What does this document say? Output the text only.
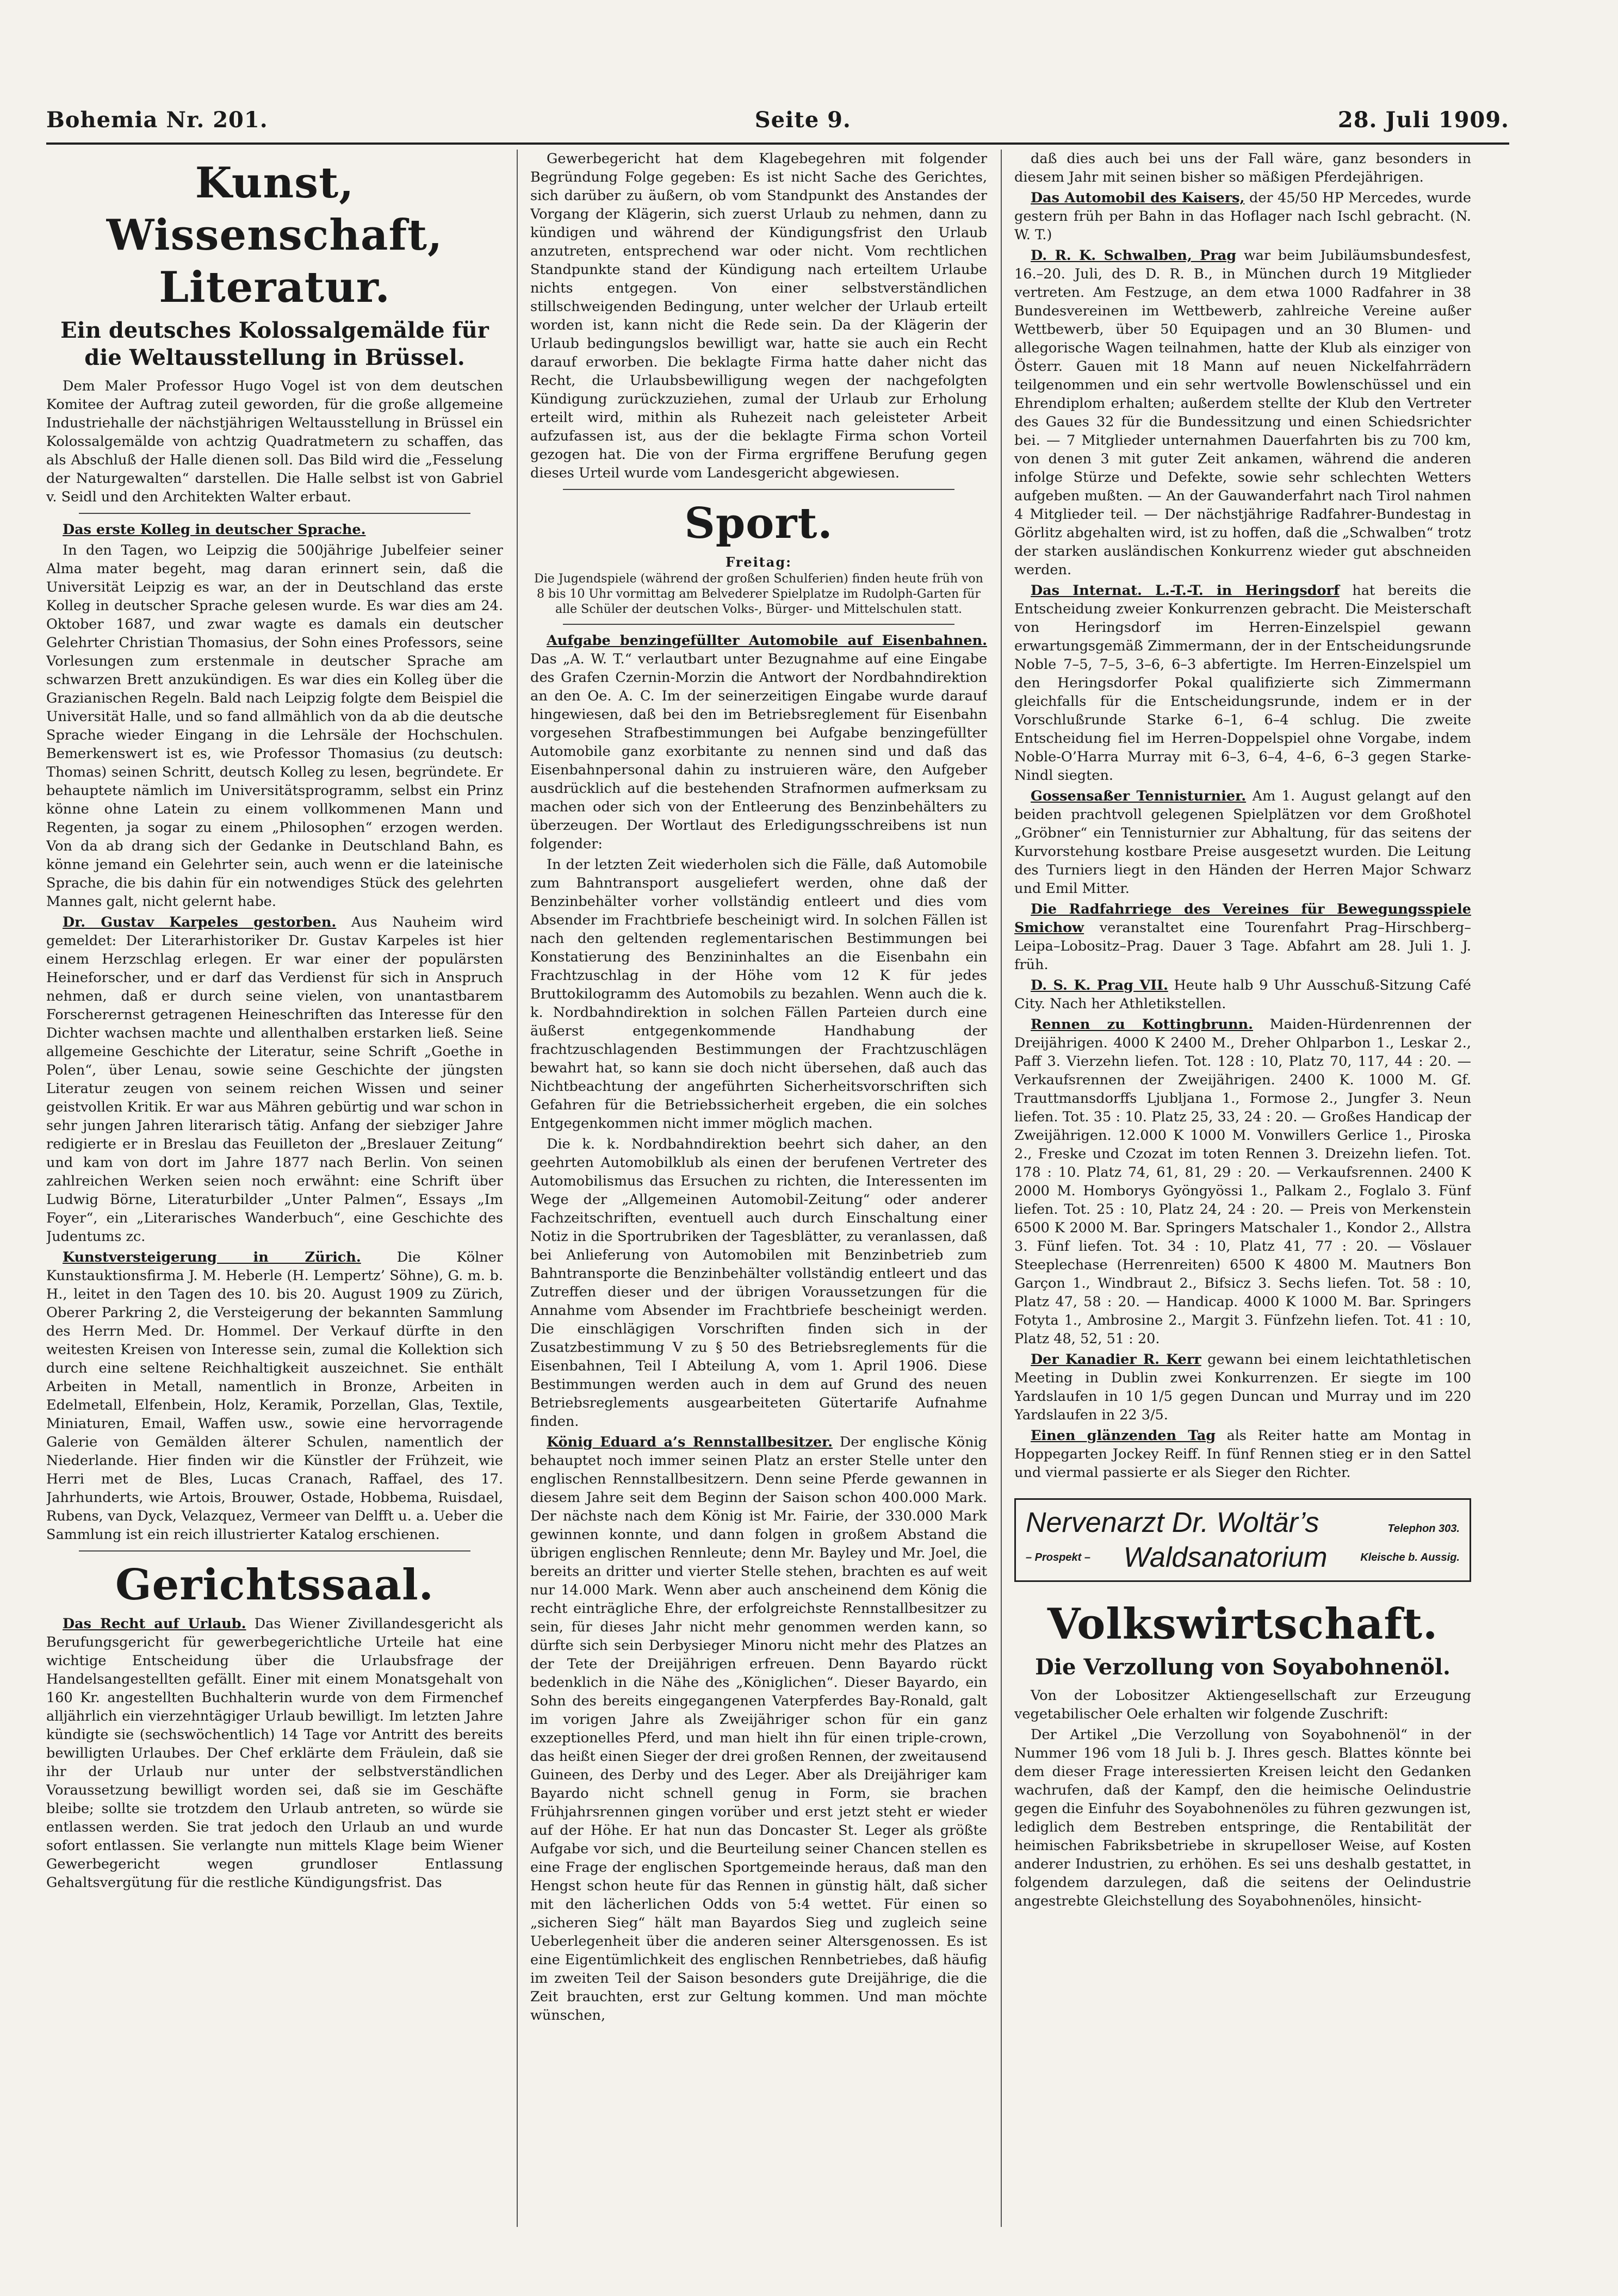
Bohemia Nr. 201.	Seite 9.	28. Juli 1909.
Kunst, Wissenschaft, Literatur.
Ein deutsches Kolossalgemälde für die Weltausstellung in Brüssel.

Dem Maler Professor Hugo Vogel ist von dem deutschen Komitee der Auftrag zuteil geworden, für die große allgemeine Industriehalle der nächstjährigen Weltausstellung in Brüssel ein Kolossalgemälde von achtzig Quadratmetern zu schaffen, das als Abschluß der Halle dienen soll. Das Bild wird die „Fesselung der Naturgewalten“ darstellen. Die Halle selbst ist von Gabriel v. Seidl und den Architekten Walter erbaut.

Das erste Kolleg in deutscher Sprache.

In den Tagen, wo Leipzig die 500jährige Jubelfeier seiner Alma mater begeht, mag daran erinnert sein, daß die Universität Leipzig es war, an der in Deutschland das erste Kolleg in deutscher Sprache gelesen wurde. Es war dies am 24. Oktober 1687, und zwar wagte es damals ein deutscher Gelehrter Christian Thomasius, der Sohn eines Professors, seine Vorlesungen zum erstenmale in deutscher Sprache am schwarzen Brett anzukündigen. Es war dies ein Kolleg über die Grazianischen Regeln. Bald nach Leipzig folgte dem Beispiel die Universität Halle, und so fand allmählich von da ab die deutsche Sprache wieder Eingang in die Lehrsäle der Hochschulen. Bemerkenswert ist es, wie Professor Thomasius (zu deutsch: Thomas) seinen Schritt, deutsch Kolleg zu lesen, begründete. Er behauptete nämlich im Universitätsprogramm, selbst ein Prinz könne ohne Latein zu einem vollkommenen Mann und Regenten, ja sogar zu einem „Philosophen“ erzogen werden. Von da ab drang sich der Gedanke in Deutschland Bahn, es könne jemand ein Gelehrter sein, auch wenn er die lateinische Sprache, die bis dahin für ein notwendiges Stück des gelehrten Mannes galt, nicht gelernt habe.

Dr. Gustav Karpeles gestorben. Aus Nauheim wird gemeldet: Der Literarhistoriker Dr. Gustav Karpeles ist hier einem Herzschlag erlegen. Er war einer der populärsten Heineforscher, und er darf das Verdienst für sich in Anspruch nehmen, daß er durch seine vielen, von unantastbarem Forscherernst getragenen Heineschriften das Interesse für den Dichter wachsen machte und allenthalben erstarken ließ. Seine allgemeine Geschichte der Literatur, seine Schrift „Goethe in Polen“, über Lenau, sowie seine Geschichte der jüngsten Literatur zeugen von seinem reichen Wissen und seiner geistvollen Kritik. Er war aus Mähren gebürtig und war schon in sehr jungen Jahren literarisch tätig. Anfang der siebziger Jahre redigierte er in Breslau das Feuilleton der „Breslauer Zeitung“ und kam von dort im Jahre 1877 nach Berlin. Von seinen zahlreichen Werken seien noch erwähnt: eine Schrift über Ludwig Börne, Literaturbilder „Unter Palmen“, Essays „Im Foyer“, ein „Literarisches Wanderbuch“, eine Geschichte des Judentums zc.

Kunstversteigerung in Zürich.	Die Kölner Kunstauktionsfirma J. M. Heberle (H. Lempertz’ Söhne), G. m. b. H., leitet in den Tagen des 10. bis 20. August 1909 zu Zürich, Oberer Parkring 2, die Versteigerung der bekannten Sammlung des Herrn Med. Dr. Hommel. Der Verkauf dürfte in den weitesten Kreisen von Interesse sein, zumal die Kollektion sich durch eine seltene Reichhaltigkeit auszeichnet. Sie enthält Arbeiten in Metall, namentlich in Bronze, Arbeiten in Edelmetall, Elfenbein, Holz, Keramik, Porzellan, Glas, Textile, Miniaturen, Email, Waffen usw., sowie eine hervorragende Galerie von Gemälden älterer Schulen, namentlich der Niederlande. Hier finden wir die Künstler der Frühzeit, wie Herri met de Bles, Lucas Cranach, Raffael, des 17. Jahrhunderts, wie Artois, Brouwer, Ostade, Hobbema, Ruisdael, Rubens, van Dyck, Velazquez, Vermeer van Delfft u. a. Ueber die Sammlung ist ein reich illustrierter Katalog erschienen.

Gerichtssaal.

Das Recht auf Urlaub. Das Wiener Zivillandesgericht als Berufungsgericht für gewerbegerichtliche Urteile hat eine wichtige Entscheidung über die Urlaubsfrage der Handelsangestellten gefällt. Einer mit einem Monatsgehalt von 160 Kr. angestellten Buchhalterin wurde von dem Firmenchef alljährlich ein vierzehntägiger Urlaub bewilligt. Im letzten Jahre kündigte sie (sechswöchentlich) 14 Tage vor Antritt des bereits bewilligten Urlaubes. Der Chef erklärte dem Fräulein, daß sie ihr der Urlaub nur unter der selbstverständlichen Voraussetzung bewilligt worden sei, daß sie im Geschäfte bleibe; sollte sie trotzdem den Urlaub antreten, so würde sie entlassen werden. Sie trat jedoch den Urlaub an und wurde sofort entlassen. Sie verlangte nun mittels Klage beim Wiener Gewerbegericht wegen grundloser Entlassung Gehaltsvergütung für die restliche Kündigungsfrist. Das

Gewerbegericht hat dem Klagebegehren mit folgender Begründung Folge gegeben: Es ist nicht Sache des Gerichtes, sich darüber zu äußern, ob vom Standpunkt des Anstandes der Vorgang der Klägerin, sich zuerst Urlaub zu nehmen, dann zu kündigen und während der Kündigungsfrist den Urlaub anzutreten, entsprechend war oder nicht. Vom rechtlichen Standpunkte stand der Kündigung nach erteiltem Urlaube nichts entgegen. Von einer selbstverständlichen stillschweigenden Bedingung, unter welcher der Urlaub erteilt worden ist, kann nicht die Rede sein. Da der Klägerin der Urlaub bedingungslos bewilligt war, hatte sie auch ein Recht darauf erworben. Die beklagte Firma hatte daher nicht das Recht, die Urlaubsbewilligung wegen der nachgefolgten Kündigung zurückzuziehen, zumal der Urlaub zur Erholung erteilt wird, mithin als Ruhezeit nach geleisteter Arbeit aufzufassen ist, aus der die beklagte Firma schon Vorteil gezogen hat. Die von der Firma ergriffene Berufung gegen dieses Urteil wurde vom Landesgericht abgewiesen.

Sport.
Freitag:
Die Jugendspiele (während der großen Schulferien) finden heute früh von 8 bis 10 Uhr vormittag am Belvederer Spielplatze im Rudolph-Garten für alle Schüler der deutschen Volks-, Bürger- und Mittelschulen statt.

Aufgabe benzingefüllter Automobile auf Eisenbahnen. Das „A. W. T.“ verlautbart unter Bezugnahme auf eine Eingabe des Grafen Czernin-Morzin die Antwort der Nordbahndirektion an den Oe. A. C. Im der seinerzeitigen Eingabe wurde darauf hingewiesen, daß bei den im Betriebsreglement für Eisenbahn vorgesehen Strafbestimmungen bei Aufgabe benzingefüllter Automobile ganz exorbitante zu nennen sind und daß das Eisenbahnpersonal dahin zu instruieren wäre, den Aufgeber ausdrücklich auf die bestehenden Strafnormen aufmerksam zu machen oder sich von der Entleerung des Benzinbehälters zu überzeugen. Der Wortlaut des Erledigungsschreibens ist nun folgender:

In der letzten Zeit wiederholen sich die Fälle, daß Automobile zum Bahntransport ausgeliefert werden, ohne daß der Benzinbehälter vorher vollständig entleert und dies vom Absender im Frachtbriefe bescheinigt wird. In solchen Fällen ist nach den geltenden reglementarischen Bestimmungen bei Konstatierung des Benzininhaltes an die Eisenbahn ein Frachtzuschlag in der Höhe vom 12 K für jedes Bruttokilogramm des Automobils zu bezahlen. Wenn auch die k. k. Nordbahndirektion in solchen Fällen Parteien durch eine äußerst entgegenkommende Handhabung der frachtzuschlagenden Bestimmungen der Frachtzuschlägen bewahrt hat, so kann sie doch nicht übersehen, daß auch das Nichtbeachtung der angeführten Sicherheitsvorschriften sich Gefahren für die Betriebssicherheit ergeben, die ein solches Entgegenkommen nicht immer möglich machen.

Die k. k. Nordbahndirektion beehrt sich daher, an den geehrten Automobilklub als einen der berufenen Vertreter des Automobilismus das Ersuchen zu richten, die Interessenten im Wege der „Allgemeinen Automobil-Zeitung“ oder anderer Fachzeitschriften, eventuell auch durch Einschaltung einer Notiz in die Sportrubriken der Tagesblätter, zu veranlassen, daß bei Anlieferung von Automobilen mit Benzinbetrieb zum Bahntransporte die Benzinbehälter vollständig entleert und das Zutreffen dieser und der übrigen Voraussetzungen für die Annahme vom Absender im Frachtbriefe bescheinigt werden. Die einschlägigen Vorschriften finden sich in der Zusatzbestimmung V zu § 50 des Betriebsreglements für die Eisenbahnen, Teil I Abteilung A, vom 1. April 1906. Diese Bestimmungen werden auch in dem auf Grund des neuen Betriebsreglements ausgearbeiteten Gütertarife Aufnahme finden.

König Eduard a’s Rennstallbesitzer. Der englische König behauptet noch immer seinen Platz an erster Stelle unter den englischen Rennstallbesitzern. Denn seine Pferde gewannen in diesem Jahre seit dem Beginn der Saison schon 400.000 Mark. Der nächste nach dem König ist Mr. Fairie, der 330.000 Mark gewinnen konnte, und dann folgen in großem Abstand die übrigen englischen Rennleute; denn Mr. Bayley und Mr. Joel, die bereits an dritter und vierter Stelle stehen, brachten es auf weit nur 14.000 Mark. Wenn aber auch anscheinend dem König die recht einträgliche Ehre, der erfolgreichste Rennstallbesitzer zu sein, für dieses Jahr nicht mehr genommen werden kann, so dürfte sich sein Derbysieger Minoru nicht mehr des Platzes an der Tete der Dreijährigen erfreuen. Denn Bayardo rückt bedenklich in die Nähe des „Königlichen“. Dieser Bayardo, ein Sohn des bereits eingegangenen Vaterpferdes Bay-Ronald, galt im vorigen Jahre als Zweijähriger schon für ein ganz exzeptionelles Pferd, und man hielt ihn für einen triple-crown, das heißt einen Sieger der drei großen Rennen, der zweitausend Guineen, des Derby und des Leger. Aber als Dreijähriger kam Bayardo nicht schnell genug in Form, sie brachen Frühjahrsrennen gingen vorüber und erst jetzt steht er wieder auf der Höhe. Er hat nun das Doncaster St. Leger als größte Aufgabe vor sich, und die Beurteilung seiner Chancen stellen es eine Frage der englischen Sportgemeinde heraus, daß man den Hengst schon heute für das Rennen in günstig hält, daß sicher mit den lächerlichen Odds von 5:4 wettet. Für einen so „sicheren Sieg“ hält man Bayardos Sieg und zugleich seine Ueberlegenheit über die anderen seiner Altersgenossen. Es ist eine Eigentümlichkeit des englischen Rennbetriebes, daß häufig im zweiten Teil der Saison besonders gute Dreijährige, die die Zeit brauchten, erst zur Geltung kommen. Und man möchte wünschen,

daß dies auch bei uns der Fall wäre, ganz besonders in diesem Jahr mit seinen bisher so mäßigen Pferdejährigen.

Das Automobil des Kaisers, der 45/50 HP Mercedes, wurde gestern früh per Bahn in das Hoflager nach Ischl gebracht. (N. W. T.)

D. R. K. Schwalben, Prag war beim Jubiläumsbundesfest, 16.–20. Juli, des D. R. B., in München durch 19 Mitglieder vertreten. Am Festzuge, an dem etwa 1000 Radfahrer in 38 Bundesvereinen im Wettbewerb, zahlreiche Vereine außer Wettbewerb, über 50 Equipagen und an 30 Blumen- und allegorische Wagen teilnahmen, hatte der Klub als einziger von Österr. Gauen mit 18 Mann auf neuen Nickelfahrrädern teilgenommen und ein sehr wertvolle Bowlenschüssel und ein Ehrendiplom erhalten; außerdem stellte der Klub den Vertreter des Gaues 32 für die Bundessitzung und einen Schiedsrichter bei. — 7 Mitglieder unternahmen Dauerfahrten bis zu 700 km, von denen 3 mit guter Zeit ankamen, während die anderen infolge Stürze und Defekte, sowie sehr schlechten Wetters aufgeben mußten. — An der Gauwanderfahrt nach Tirol nahmen 4 Mitglieder teil. — Der nächstjährige Radfahrer-Bundestag in Görlitz abgehalten wird, ist zu hoffen, daß die „Schwalben“ trotz der starken ausländischen Konkurrenz wieder gut abschneiden werden.

Das Internat. L.-T.-T. in Heringsdorf hat bereits die Entscheidung zweier Konkurrenzen gebracht. Die Meisterschaft von Heringsdorf im Herren-Einzelspiel gewann erwartungsgemäß Zimmermann, der in der Entscheidungsrunde Noble 7–5, 7–5, 3–6, 6–3 abfertigte. Im Herren-Einzelspiel um den Heringsdorfer Pokal qualifizierte sich Zimmermann gleichfalls für die Entscheidungsrunde, indem er in der Vorschlußrunde Starke 6–1, 6–4 schlug. Die zweite Entscheidung fiel im Herren-Doppelspiel ohne Vorgabe, indem Noble-O’Harra Murray mit 6–3, 6–4, 4–6, 6–3 gegen Starke-Nindl siegten.

Gossensaßer Tennisturnier. Am 1. August gelangt auf den beiden prachtvoll gelegenen Spielplätzen vor dem Großhotel „Gröbner“ ein Tennisturnier zur Abhaltung, für das seitens der Kurvorstehung kostbare Preise ausgesetzt wurden. Die Leitung des Turniers liegt in den Händen der Herren Major Schwarz und Emil Mitter.

Die Radfahrriege des Vereines für Bewegungsspiele Smichow veranstaltet eine Tourenfahrt Prag–Hirschberg–Leipa–Lobositz–Prag. Dauer 3 Tage. Abfahrt am 28. Juli 1. J. früh.

D. S. K. Prag VII. Heute halb 9 Uhr Ausschuß-Sitzung Café City. Nach her Athletikstellen.

Rennen zu Kottingbrunn. Maiden-Hürdenrennen der Dreijährigen. 4000 K 2400 M., Dreher Ohlparbon 1., Leskar 2., Paff 3. Vierzehn liefen. Tot. 128 : 10, Platz 70, 117, 44 : 20. — Verkaufsrennen der Zweijährigen. 2400 K. 1000 M. Gf. Trauttmansdorffs Ljubljana 1., Formose 2., Jungfer 3. Neun liefen. Tot. 35 : 10. Platz 25, 33, 24 : 20. — Großes Handicap der Zweijährigen. 12.000 K 1000 M. Vonwillers Gerlice 1., Piroska 2., Freske und Czozat im toten Rennen 3. Dreizehn liefen. Tot. 178 : 10. Platz 74, 61, 81, 29 : 20. — Verkaufsrennen. 2400 K 2000 M. Homborys Gyöngyössi 1., Palkam 2., Foglalo 3. Fünf liefen. Tot. 25 : 10, Platz 24, 24 : 20. — Preis von Merkenstein 6500 K 2000 M. Bar. Springers Matschaler 1., Kondor 2., Allstra 3. Fünf liefen. Tot. 34 : 10, Platz 41, 77 : 20. — Vöslauer Steeplechase (Herrenreiten) 6500 K 4800 M. Mautners Bon Garçon 1., Windbraut 2., Bifsicz 3. Sechs liefen. Tot. 58 : 10, Platz 47, 58 : 20. — Handicap. 4000 K 1000 M. Bar. Springers Fotyta 1., Ambrosine 2., Margit 3. Fünfzehn liefen. Tot. 41 : 10, Platz 48, 52, 51 : 20.

Der Kanadier R. Kerr gewann bei einem leichtathletischen Meeting in Dublin zwei Konkurrenzen. Er siegte im 100 Yardslaufen in 10 1/5 gegen Duncan und Murray und im 220 Yardslaufen in 22 3/5.

Einen glänzenden Tag als Reiter hatte am Montag in Hoppegarten Jockey Reiff. In fünf Rennen stieg er in den Sattel und viermal passierte er als Sieger den Richter.

Nervenarzt Dr. Woltär’s	Telephon 303.
– Prospekt – Waldsanatorium	Kleische b. Aussig.
Volkswirtschaft.
Die Verzollung von Soyabohnenöl.

Von der Lobositzer Aktiengesellschaft zur Erzeugung vegetabilischer Oele erhalten wir folgende Zuschrift:

Der Artikel „Die Verzollung von Soyabohnenöl“ in der Nummer 196 vom 18 Juli b. J. Ihres gesch. Blattes könnte bei dem dieser Frage interessierten Kreisen leicht den Gedanken wachrufen, daß der Kampf, den die heimische Oelindustrie gegen die Einfuhr des Soyabohnenöles zu führen gezwungen ist, lediglich dem Bestreben entspringe, die Rentabilität der heimischen Fabriksbetriebe in skrupelloser Weise, auf Kosten anderer Industrien, zu erhöhen. Es sei uns deshalb gestattet, in folgendem darzulegen, daß die seitens der Oelindustrie angestrebte Gleichstellung des Soyabohnenöles, hinsicht-
